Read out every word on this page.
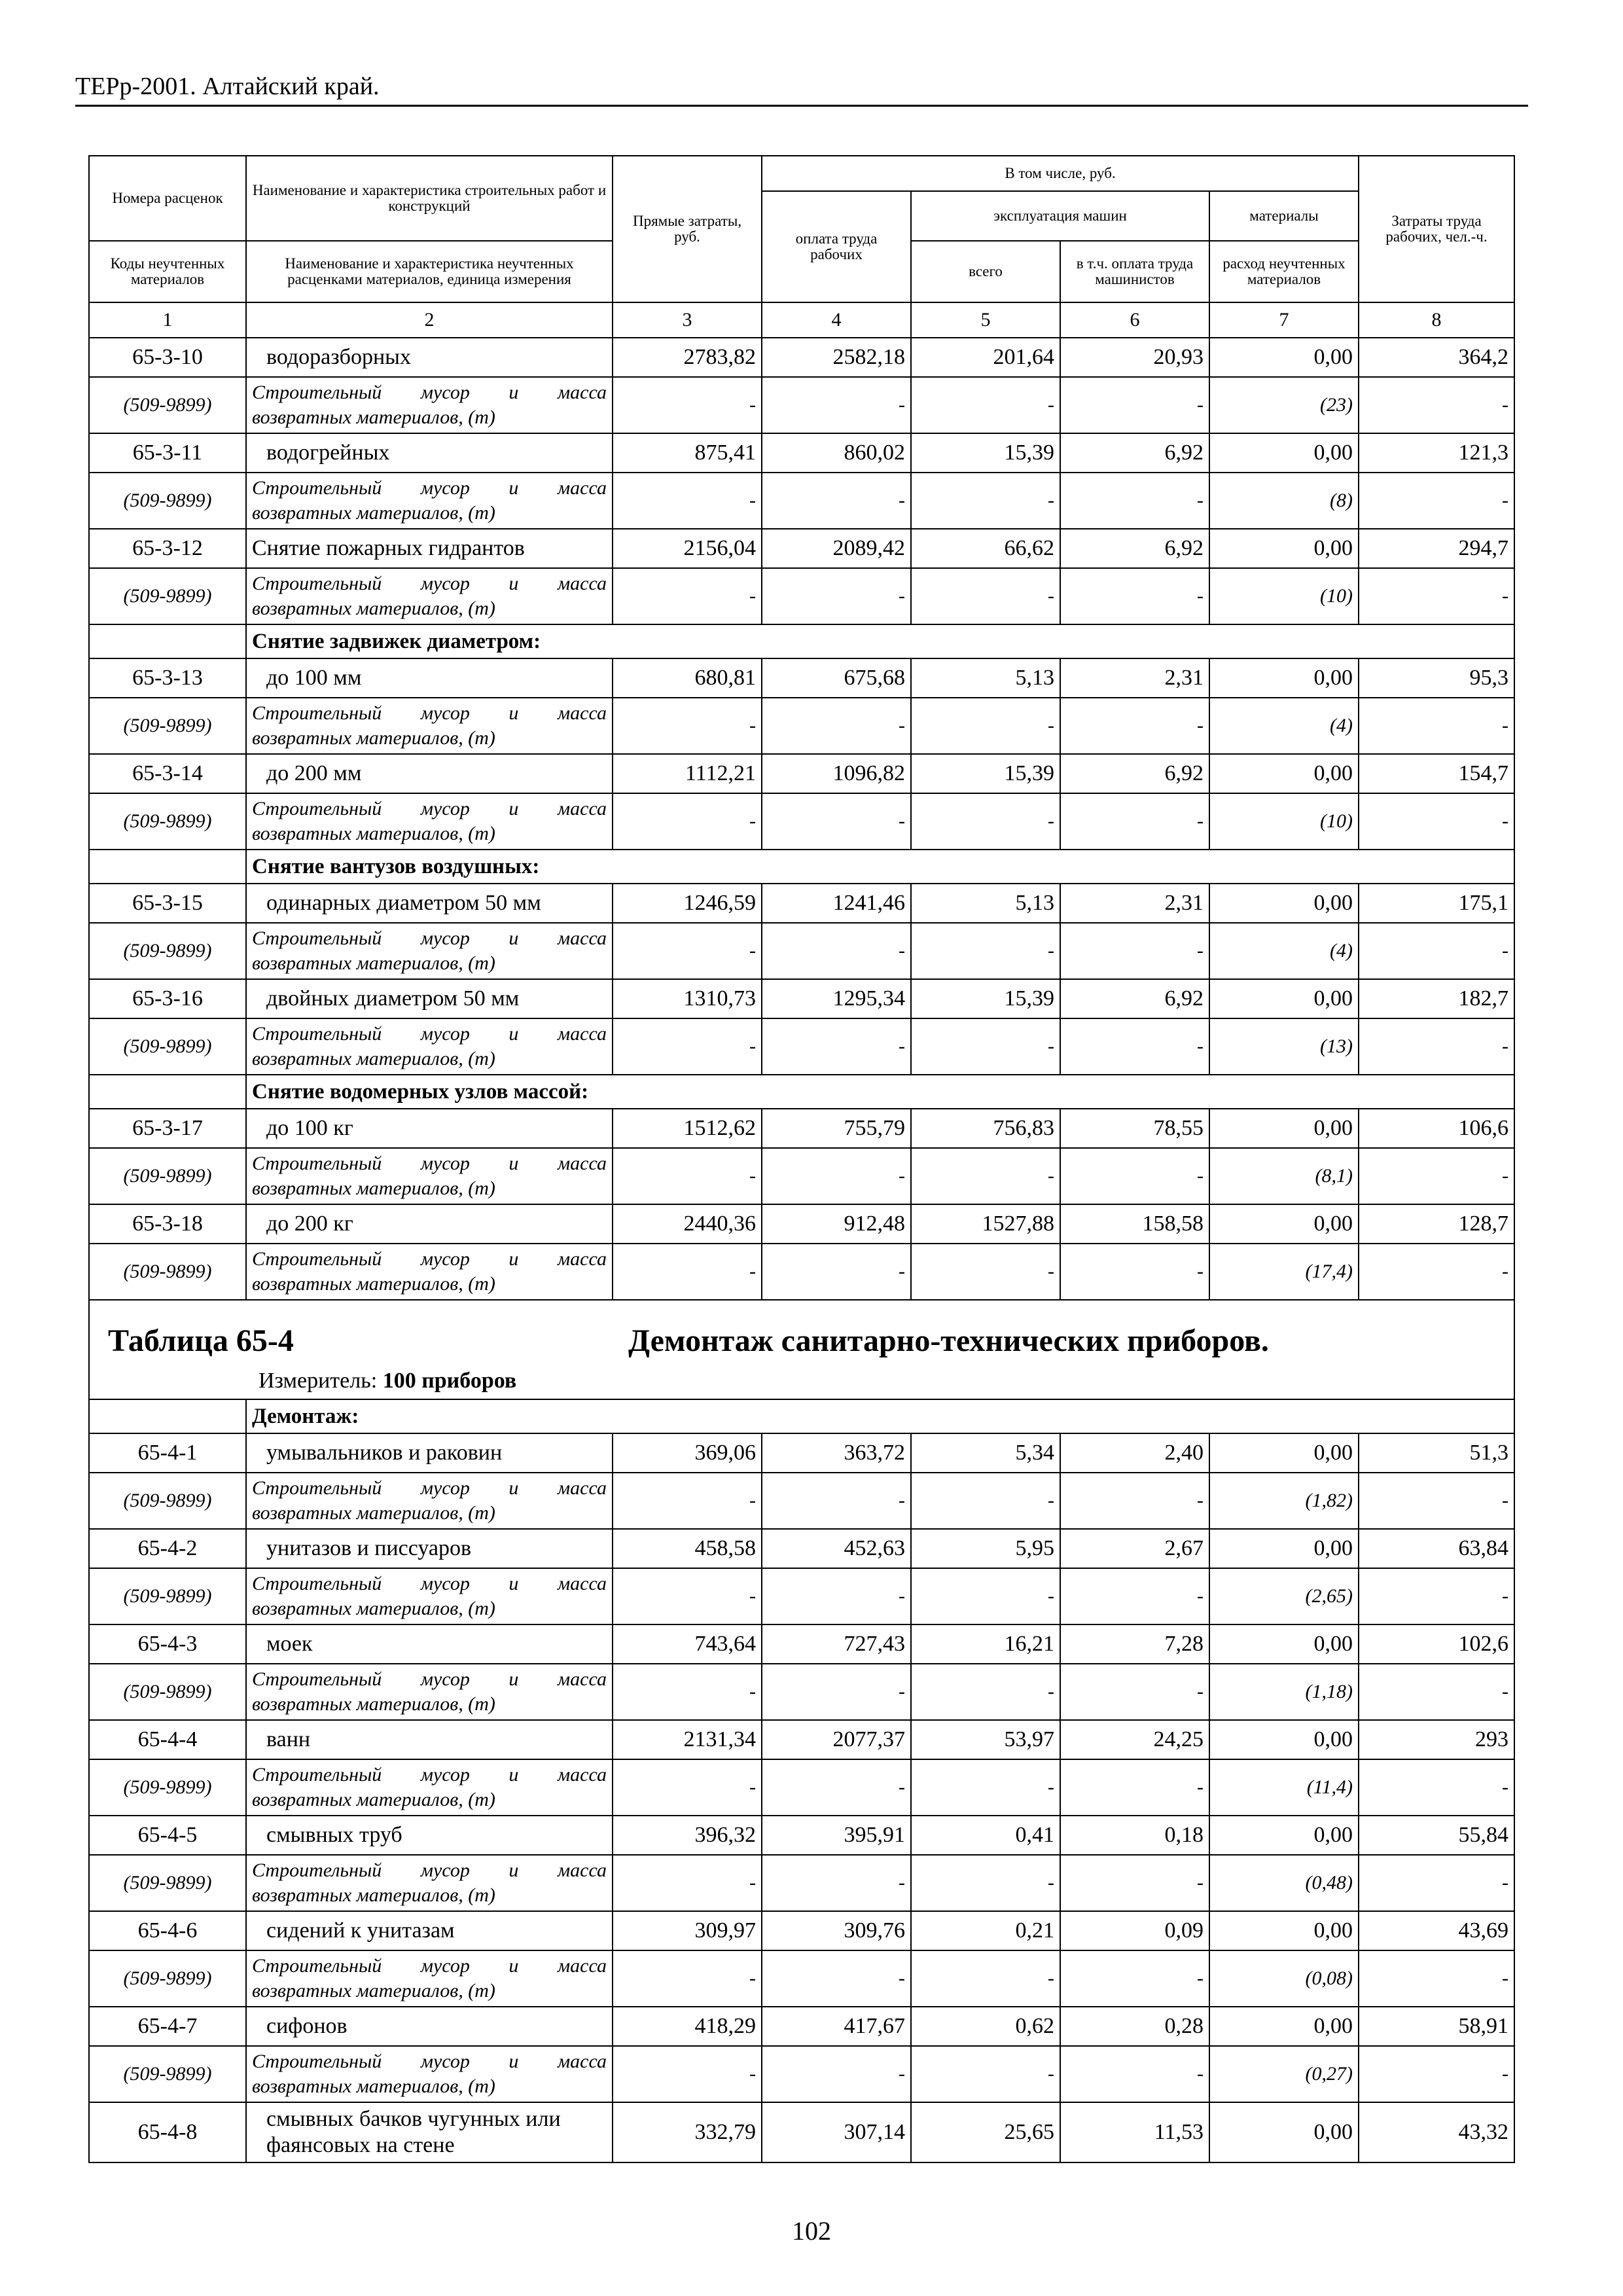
ТЕРр-2001. Алтайский край.
Номера расценок	Наименование и характеристика строительных работ и конструкций	Прямые затраты, руб.	В том числе, руб.				Затраты труда рабочих, чел.-ч.
			оплата труда рабочих	эксплуатация машин		материалы	
Коды неучтенных материалов	Наименование и характеристика неучтенных расценками материалов, единица измерения			всего	в т.ч. оплата труда машинистов	расход неучтенных материалов	
1	2	3	4	5	6	7	8
65-3-10	водоразборных	2783,82	2582,18	201,64	20,93	0,00	364,2
(509-9899)	Строительный мусор и масса возвратных материалов, (т)	-	-	-	-	(23)	-
65-3-11	водогрейных	875,41	860,02	15,39	6,92	0,00	121,3
(509-9899)	Строительный мусор и масса возвратных материалов, (т)	-	-	-	-	(8)	-
65-3-12	Снятие пожарных гидрантов	2156,04	2089,42	66,62	6,92	0,00	294,7
(509-9899)	Строительный мусор и масса возвратных материалов, (т)	-	-	-	-	(10)	-
	Снятие задвижек диаметром:						
65-3-13	до 100 мм	680,81	675,68	5,13	2,31	0,00	95,3
(509-9899)	Строительный мусор и масса возвратных материалов, (т)	-	-	-	-	(4)	-
65-3-14	до 200 мм	1112,21	1096,82	15,39	6,92	0,00	154,7
(509-9899)	Строительный мусор и масса возвратных материалов, (т)	-	-	-	-	(10)	-
	Снятие вантузов воздушных:						
65-3-15	одинарных диаметром 50 мм	1246,59	1241,46	5,13	2,31	0,00	175,1
(509-9899)	Строительный мусор и масса возвратных материалов, (т)	-	-	-	-	(4)	-
65-3-16	двойных диаметром 50 мм	1310,73	1295,34	15,39	6,92	0,00	182,7
(509-9899)	Строительный мусор и масса возвратных материалов, (т)	-	-	-	-	(13)	-
	Снятие водомерных узлов массой:						
65-3-17	до 100 кг	1512,62	755,79	756,83	78,55	0,00	106,6
(509-9899)	Строительный мусор и масса возвратных материалов, (т)	-	-	-	-	(8,1)	-
65-3-18	до 200 кг	2440,36	912,48	1527,88	158,58	0,00	128,7
(509-9899)	Строительный мусор и масса возвратных материалов, (т)	-	-	-	-	(17,4)	-

Таблица 65-4 Демонтаж санитарно-технических приборов.
Измеритель: 100 приборов							

	Демонтаж:						
65-4-1	умывальников и раковин	369,06	363,72	5,34	2,40	0,00	51,3
(509-9899)	Строительный мусор и масса возвратных материалов, (т)	-	-	-	-	(1,82)	-
65-4-2	унитазов и писсуаров	458,58	452,63	5,95	2,67	0,00	63,84
(509-9899)	Строительный мусор и масса возвратных материалов, (т)	-	-	-	-	(2,65)	-
65-4-3	моек	743,64	727,43	16,21	7,28	0,00	102,6
(509-9899)	Строительный мусор и масса возвратных материалов, (т)	-	-	-	-	(1,18)	-
65-4-4	ванн	2131,34	2077,37	53,97	24,25	0,00	293
(509-9899)	Строительный мусор и масса возвратных материалов, (т)	-	-	-	-	(11,4)	-
65-4-5	смывных труб	396,32	395,91	0,41	0,18	0,00	55,84
(509-9899)	Строительный мусор и масса возвратных материалов, (т)	-	-	-	-	(0,48)	-
65-4-6	сидений к унитазам	309,97	309,76	0,21	0,09	0,00	43,69
(509-9899)	Строительный мусор и масса возвратных материалов, (т)	-	-	-	-	(0,08)	-
65-4-7	сифонов	418,29	417,67	0,62	0,28	0,00	58,91
(509-9899)	Строительный мусор и масса возвратных материалов, (т)	-	-	-	-	(0,27)	-
65-4-8	смывных бачков чугунных или фаянсовых на стене	332,79	307,14	25,65	11,53	0,00	43,32
102
